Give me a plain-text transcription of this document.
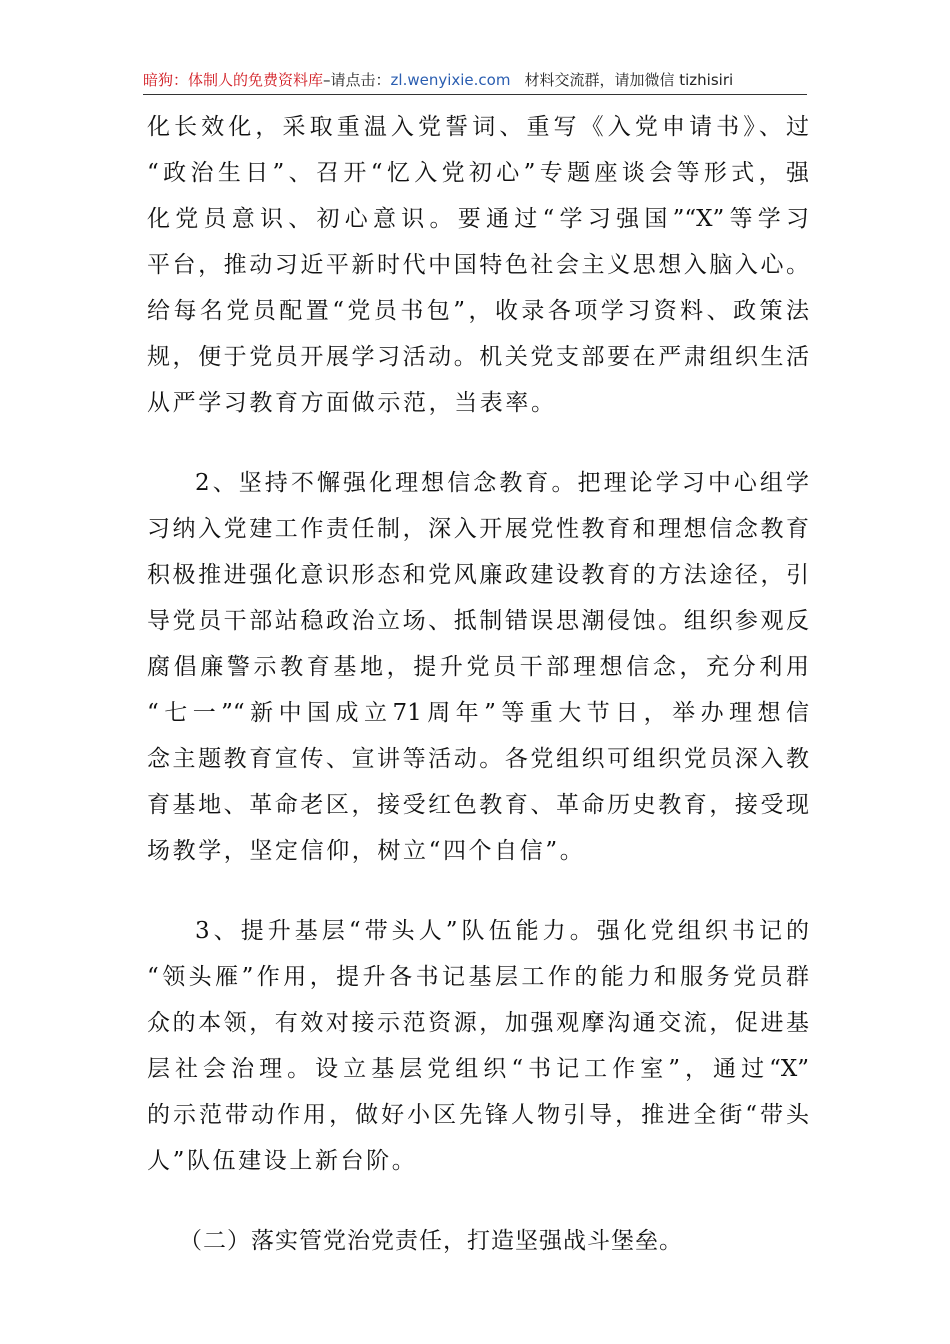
暗狗：体制人的免费资料库–请点击：zl.wenyixie.com 材料交流群，请加微信 tizhisiri
化长效化，采取重温入党誓词、重写《入党申请书》、过
“政治生日”、召开“忆入党初心”专题座谈会等形式，强
化党员意识、初心意识。要通过“学习强国”“X”等学习
平台，推动习近平新时代中国特色社会主义思想入脑入心。
给每名党员配置“党员书包”，收录各项学习资料、政策法
规，便于党员开展学习活动。机关党支部要在严肃组织生活
从严学习教育方面做示范，当表率。
2、坚持不懈强化理想信念教育。把理论学习中心组学
习纳入党建工作责任制，深入开展党性教育和理想信念教育
积极推进强化意识形态和党风廉政建设教育的方法途径，引
导党员干部站稳政治立场、抵制错误思潮侵蚀。组织参观反
腐倡廉警示教育基地，提升党员干部理想信念，充分利用
“七一”“新中国成立71周年”等重大节日，举办理想信
念主题教育宣传、宣讲等活动。各党组织可组织党员深入教
育基地、革命老区，接受红色教育、革命历史教育，接受现
场教学，坚定信仰，树立“四个自信”。
3、提升基层“带头人”队伍能力。强化党组织书记的
“领头雁”作用，提升各书记基层工作的能力和服务党员群
众的本领，有效对接示范资源，加强观摩沟通交流，促进基
层社会治理。设立基层党组织“书记工作室”，通过“X”
的示范带动作用，做好小区先锋人物引导，推进全街“带头
人”队伍建设上新台阶。
（二）落实管党治党责任，打造坚强战斗堡垒。
